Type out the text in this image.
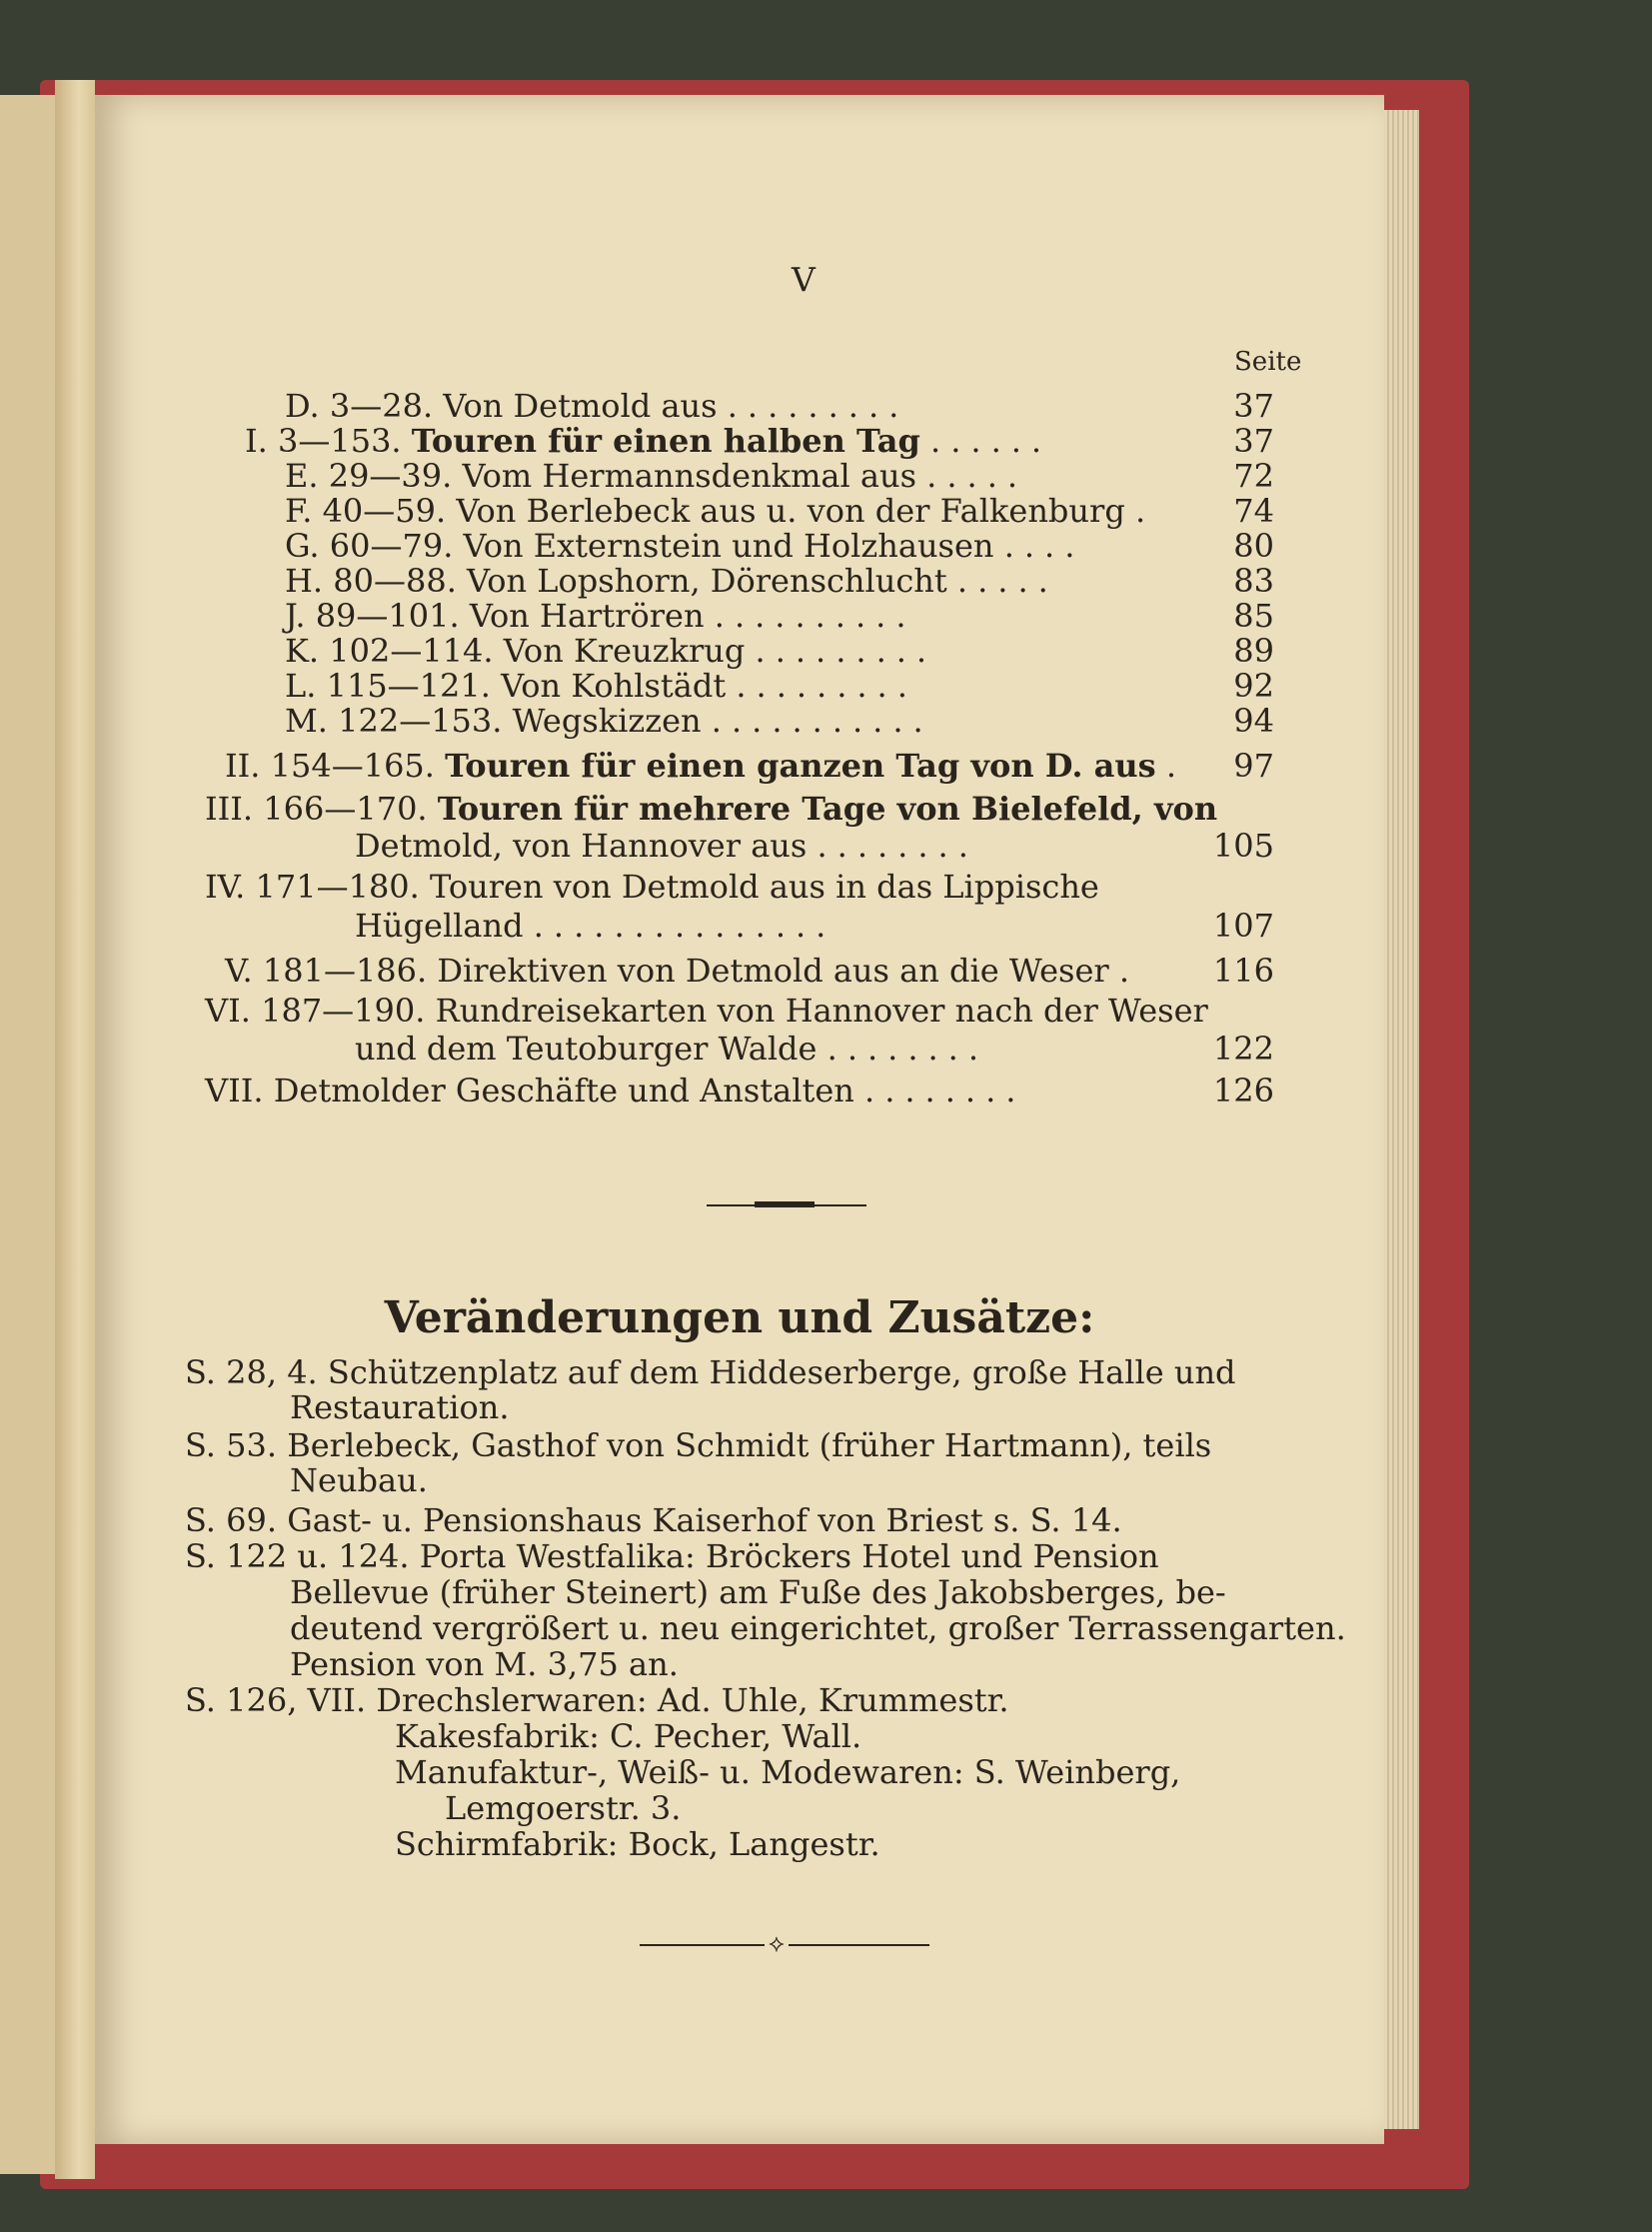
V
Seite
D. 3—28. Von Detmold aus .........	37
I. 3—153. Touren für einen halben Tag ......	37
E. 29—39. Vom Hermannsdenkmal aus .....	72
F. 40—59. Von Berlebeck aus u. von der Falkenburg .	74
G. 60—79. Von Externstein und Holzhausen ....	80
H. 80—88. Von Lopshorn, Dörenschlucht .....	83
J. 89—101. Von Hartrören ..........	85
K. 102—114. Von Kreuzkrug .........	89
L. 115—121. Von Kohlstädt .........	92
M. 122—153. Wegskizzen ...........	94
II. 154—165. Touren für einen ganzen Tag von D. aus .	97
III. 166—170. Touren für mehrere Tage von Bielefeld, von
Detmold, von Hannover aus ........	105
IV. 171—180. Touren von Detmold aus in das Lippische
Hügelland ...............	107
V. 181—186. Direktiven von Detmold aus an die Weser .	116
VI. 187—190. Rundreisekarten von Hannover nach der Weser
und dem Teutoburger Walde ........	122
VII. Detmolder Geschäfte und Anstalten ........	126
Veränderungen und Zusätze:
S. 28, 4. Schützenplatz auf dem Hiddeserberge, große Halle und
Restauration.
S. 53. Berlebeck, Gasthof von Schmidt (früher Hartmann), teils
Neubau.
S. 69. Gast- u. Pensionshaus Kaiserhof von Briest s. S. 14.
S. 122 u. 124. Porta Westfalika: Bröckers Hotel und Pension
Bellevue (früher Steinert) am Fuße des Jakobsberges, be-
deutend vergrößert u. neu eingerichtet, großer Terrassengarten.
Pension von M. 3,75 an.
S. 126, VII. Drechslerwaren: Ad. Uhle, Krummestr.
Kakesfabrik: C. Pecher, Wall.
Manufaktur-, Weiß- u. Modewaren: S. Weinberg,
Lemgoerstr. 3.
Schirmfabrik: Bock, Langestr.
⟡
